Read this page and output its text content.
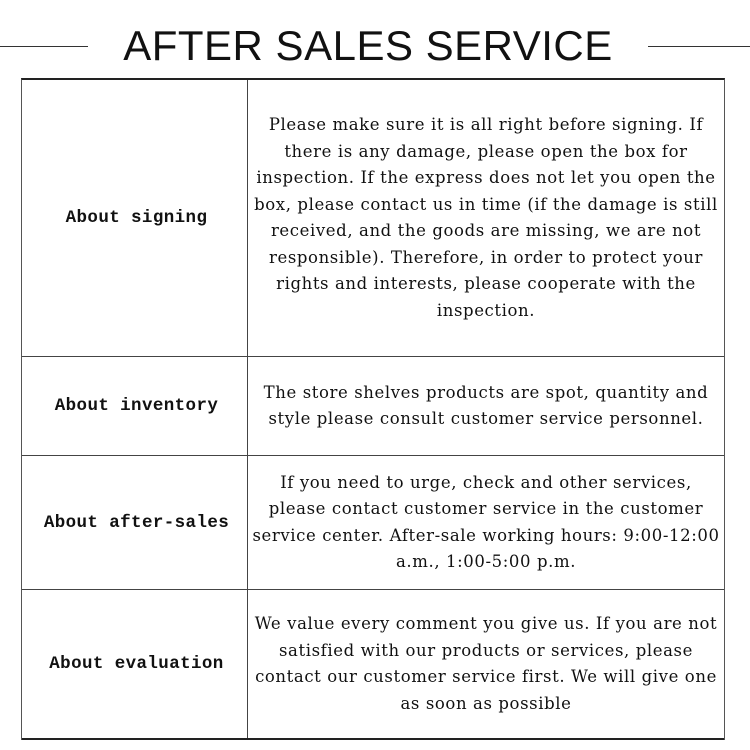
AFTER SALES SERVICE
About signing
Please make sure it is all right before signing. If there is any damage, please open the box for inspection. If the express does not let you open the box, please contact us in time (if the damage is still received, and the goods are missing, we are not responsible). Therefore, in order to protect your rights and interests, please cooperate with the inspection.
About inventory
The store shelves products are spot, quantity and style please consult customer service personnel.
About after-sales
If you need to urge, check and other services, please contact customer service in the customer service center. After-sale working hours: 9:00-12:00 a.m., 1:00-5:00 p.m.
About evaluation
We value every comment you give us. If you are not satisfied with our products or services, please contact our customer service first. We will give one as soon as possible
